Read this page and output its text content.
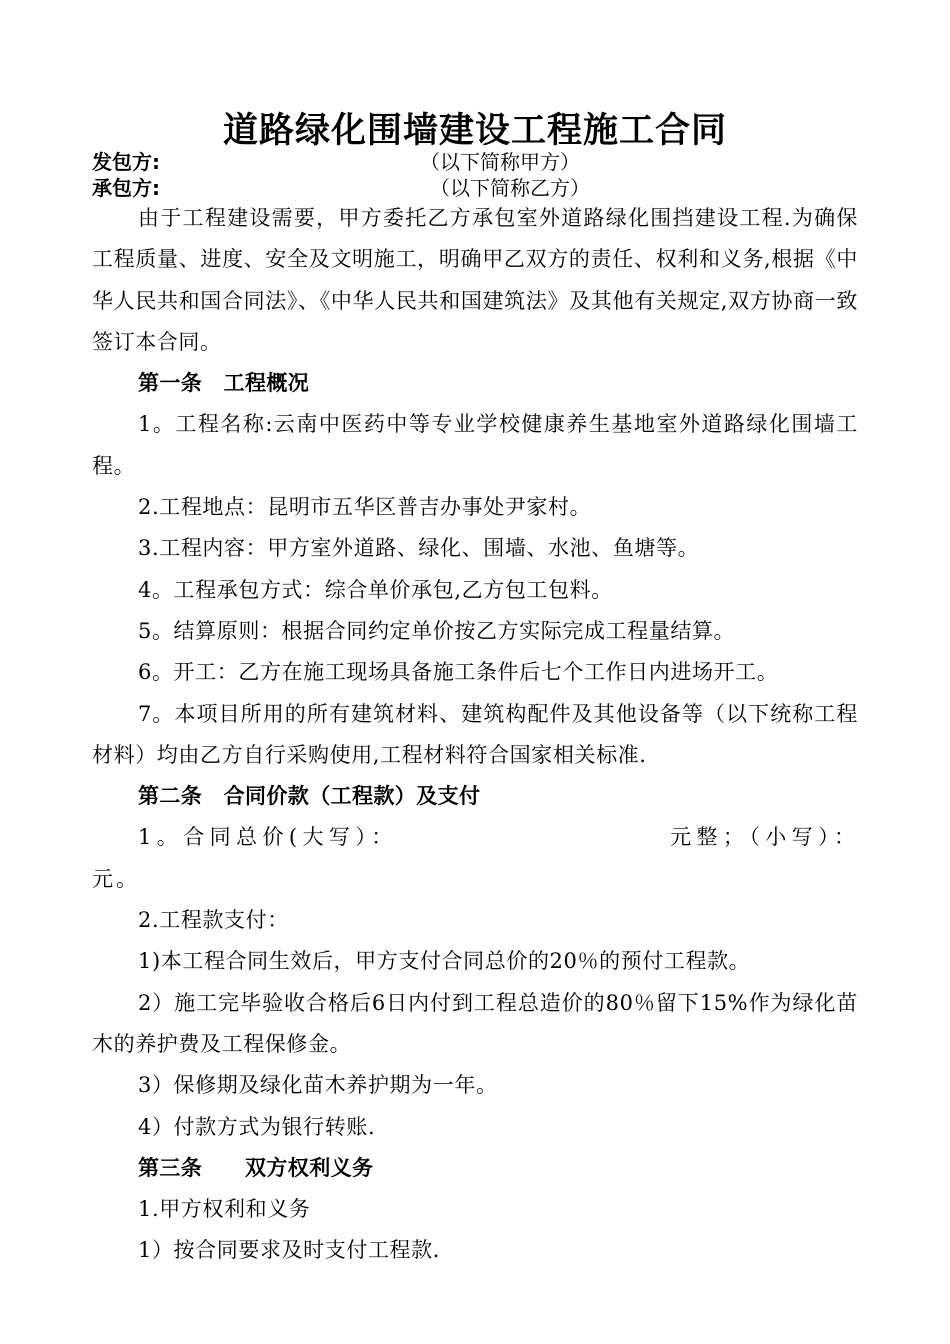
道路绿化围墙建设工程施工合同
发包方:	（以下简称甲方）
承包方:	（以下简称乙方）

由于工程建设需要，甲方委托乙方承包室外道路绿化围挡建设工程.为确保工程质量、进度、安全及文明施工，明确甲乙双方的责任、权利和义务,根据《中华人民共和国合同法》、《中华人民共和国建筑法》及其他有关规定,双方协商一致签订本合同。

第一条　工程概况

1。工程名称:云南中医药中等专业学校健康养生基地室外道路绿化围墙工程。

2.工程地点：昆明市五华区普吉办事处尹家村。

3.工程内容：甲方室外道路、绿化、围墙、水池、鱼塘等。

4。工程承包方式：综合单价承包,乙方包工包料。

5。结算原则：根据合同约定单价按乙方实际完成工程量结算。

6。开工：乙方在施工现场具备施工条件后七个工作日内进场开工。

7。本项目所用的所有建筑材料、建筑构配件及其他设备等（以下统称工程材料）均由乙方自行采购使用,工程材料符合国家相关标准.

第二条　合同价款（工程款）及支付

1。合同总价(大写）：	元整；（小写）：元。

2.工程款支付：

1)本工程合同生效后，甲方支付合同总价的20％的预付工程款。

2）施工完毕验收合格后6日内付到工程总造价的80％留下15%作为绿化苗木的养护费及工程保修金。

3）保修期及绿化苗木养护期为一年。

4）付款方式为银行转账.

第三条　　双方权利义务

1.甲方权利和义务

1）按合同要求及时支付工程款.
